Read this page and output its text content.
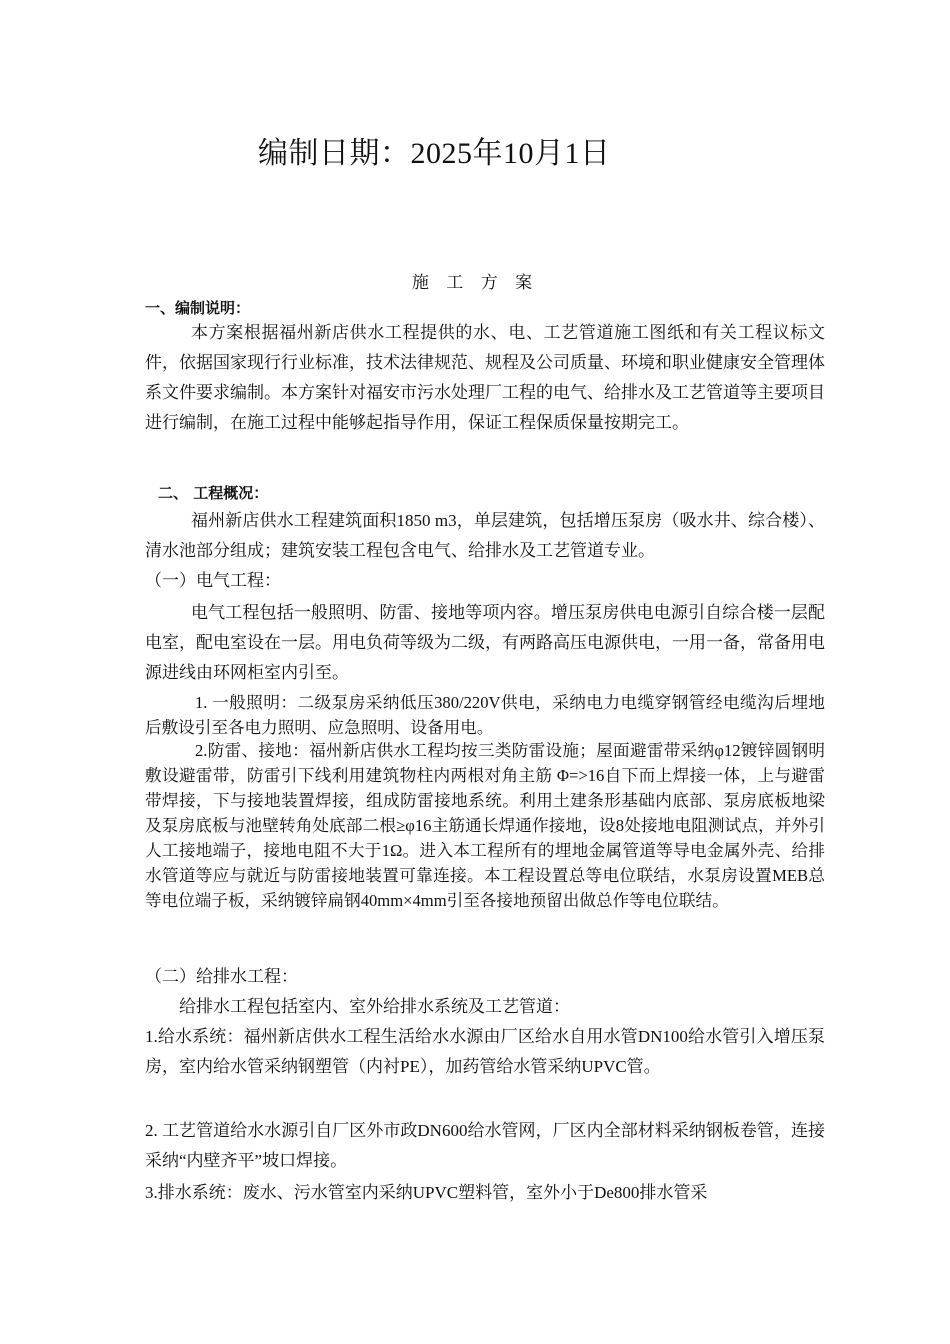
编制日期：2025年10月1日
施 工 方 案
一、编制说明：

本方案根据福州新店供水工程提供的水、电、工艺管道施工图纸和有关工程议标文件，依据国家现行行业标准，技术法律规范、规程及公司质量、环境和职业健康安全管理体系文件要求编制。本方案针对福安市污水处理厂工程的电气、给排水及工艺管道等主要项目进行编制，在施工过程中能够起指导作用，保证工程保质保量按期完工。

二、 工程概况：

福州新店供水工程建筑面积1850 m3，单层建筑，包括增压泵房（吸水井、综合楼）、清水池部分组成；建筑安装工程包含电气、给排水及工艺管道专业。

（一）电气工程：

电气工程包括一般照明、防雷、接地等项内容。增压泵房供电电源引自综合楼一层配电室，配电室设在一层。用电负荷等级为二级，有两路高压电源供电，一用一备，常备用电源进线由环网柜室内引至。

1. 一般照明：二级泵房采纳低压380/220V供电，采纳电力电缆穿钢管经电缆沟后埋地后敷设引至各电力照明、应急照明、设备用电。

2.防雷、接地：福州新店供水工程均按三类防雷设施；屋面避雷带采纳φ12镀锌圆钢明敷设避雷带，防雷引下线利用建筑物柱内两根对角主筋 Φ=>16自下而上焊接一体，上与避雷带焊接，下与接地装置焊接，组成防雷接地系统。利用土建条形基础内底部、泵房底板地梁及泵房底板与池壁转角处底部二根≥φ16主筋通长焊通作接地，设8处接地电阻测试点，并外引人工接地端子，接地电阻不大于1Ω。进入本工程所有的埋地金属管道等导电金属外壳、给排水管道等应与就近与防雷接地装置可靠连接。本工程设置总等电位联结，水泵房设置MEB总等电位端子板，采纳镀锌扁钢40mm×4mm引至各接地预留出做总作等电位联结。

（二）给排水工程：

给排水工程包括室内、室外给排水系统及工艺管道：

1.给水系统：福州新店供水工程生活给水水源由厂区给水自用水管DN100给水管引入增压泵房，室内给水管采纳钢塑管（内衬PE），加药管给水管采纳UPVC管。

2. 工艺管道给水水源引自厂区外市政DN600给水管网，厂区内全部材料采纳钢板卷管，连接采纳“内壁齐平”坡口焊接。

3.排水系统：废水、污水管室内采纳UPVC塑料管，室外小于De800排水管采
